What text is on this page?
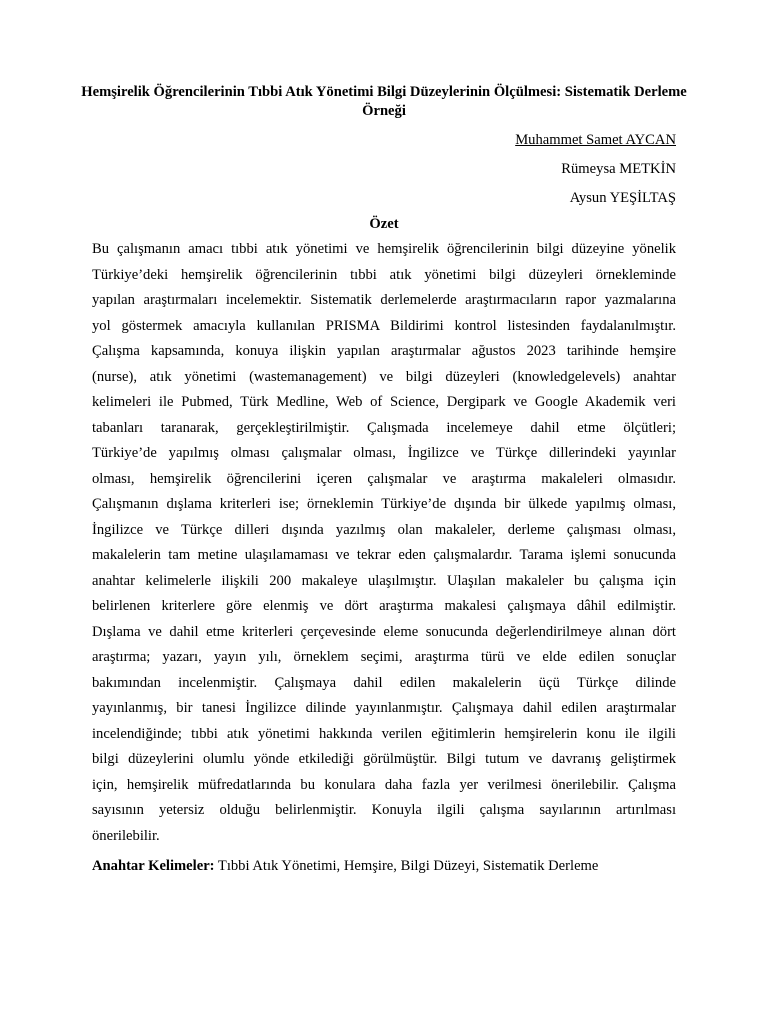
Hemşirelik Öğrencilerinin Tıbbi Atık Yönetimi Bilgi Düzeylerinin Ölçülmesi: Sistematik Derleme Örneği
Muhammet Samet AYCAN
Rümeysa METKİN
Aysun YEŞİLTAŞ
Özet
Bu çalışmanın amacı tıbbi atık yönetimi ve hemşirelik öğrencilerinin bilgi düzeyine yönelik
Türkiye’deki hemşirelik öğrencilerinin tıbbi atık yönetimi bilgi düzeyleri örnekleminde
yapılan araştırmaları incelemektir. Sistematik derlemelerde araştırmacıların rapor yazmalarına
yol göstermek amacıyla kullanılan PRISMA Bildirimi kontrol listesinden faydalanılmıştır.
Çalışma kapsamında, konuya ilişkin yapılan araştırmalar ağustos 2023 tarihinde hemşire
(nurse), atık yönetimi (wastemanagement) ve bilgi düzeyleri (knowledgelevels) anahtar
kelimeleri ile Pubmed, Türk Medline, Web of Science, Dergipark ve Google Akademik veri
tabanları taranarak, gerçekleştirilmiştir. Çalışmada incelemeye dahil etme ölçütleri;
Türkiye’de yapılmış olması çalışmalar olması, İngilizce ve Türkçe dillerindeki yayınlar
olması, hemşirelik öğrencilerini içeren çalışmalar ve araştırma makaleleri olmasıdır.
Çalışmanın dışlama kriterleri ise; örneklemin Türkiye’de dışında bir ülkede yapılmış olması,
İngilizce ve Türkçe dilleri dışında yazılmış olan makaleler, derleme çalışması olması,
makalelerin tam metine ulaşılamaması ve tekrar eden çalışmalardır. Tarama işlemi sonucunda
anahtar kelimelerle ilişkili 200 makaleye ulaşılmıştır. Ulaşılan makaleler bu çalışma için
belirlenen kriterlere göre elenmiş ve dört araştırma makalesi çalışmaya dâhil edilmiştir.
Dışlama ve dahil etme kriterleri çerçevesinde eleme sonucunda değerlendirilmeye alınan dört
araştırma; yazarı, yayın yılı, örneklem seçimi, araştırma türü ve elde edilen sonuçlar
bakımından incelenmiştir. Çalışmaya dahil edilen makalelerin üçü Türkçe dilinde
yayınlanmış, bir tanesi İngilizce dilinde yayınlanmıştır. Çalışmaya dahil edilen araştırmalar
incelendiğinde; tıbbi atık yönetimi hakkında verilen eğitimlerin hemşirelerin konu ile ilgili
bilgi düzeylerini olumlu yönde etkilediği görülmüştür. Bilgi tutum ve davranış geliştirmek
için, hemşirelik müfredatlarında bu konulara daha fazla yer verilmesi önerilebilir. Çalışma
sayısının yetersiz olduğu belirlenmiştir. Konuyla ilgili çalışma sayılarının artırılması
önerilebilir.
Anahtar Kelimeler: Tıbbi Atık Yönetimi, Hemşire, Bilgi Düzeyi, Sistematik Derleme
